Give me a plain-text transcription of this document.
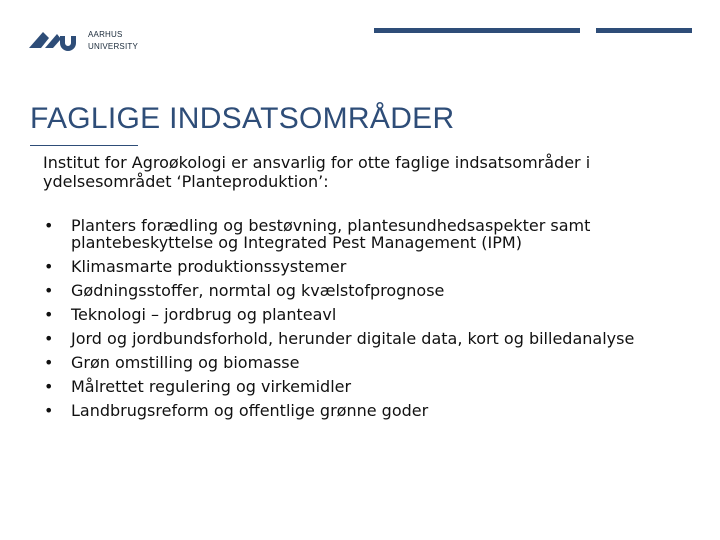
AARHUS
UNIVERSITY
FAGLIGE INDSATSOMRÅDER
Institut for Agroøkologi er ansvarlig for otte faglige indsatsområder i ydelsesområdet ‘Planteproduktion’:
• Planters forædling og bestøvning, plantesundhedsaspekter samt plantebeskyttelse og Integrated Pest Management (IPM)
• Klimasmarte produktionssystemer
• Gødningsstoffer, normtal og kvælstofprognose
• Teknologi – jordbrug og planteavl
• Jord og jordbundsforhold, herunder digitale data, kort og billedanalyse
• Grøn omstilling og biomasse
• Målrettet regulering og virkemidler
• Landbrugsreform og offentlige grønne goder
